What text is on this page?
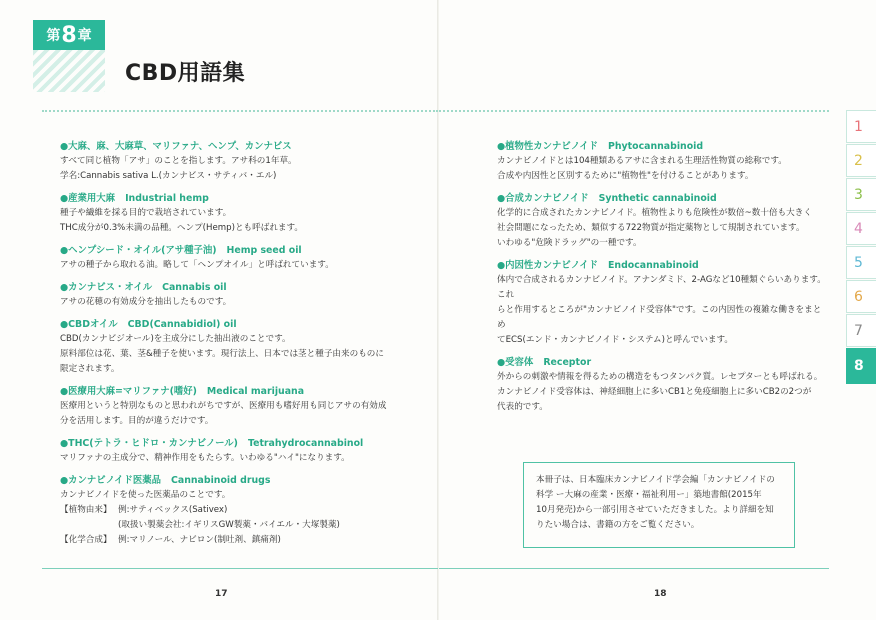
第 8 章
CBD用語集
●大麻、麻、大麻草、マリファナ、ヘンプ、カンナビス
すべて同じ植物「アサ」のことを指します。アサ科の1年草。
学名:Cannabis sativa L.(カンナビス・サティバ・エル)
●産業用大麻 Industrial hemp
種子や繊維を採る目的で栽培されています。
THC成分が0.3%未満の品種。ヘンプ(Hemp)とも呼ばれます。
●ヘンプシード・オイル(アサ種子油) Hemp seed oil
アサの種子から取れる油。略して「ヘンプオイル」と呼ばれています。
●カンナビス・オイル Cannabis oil
アサの花穂の有効成分を抽出したものです。
●CBDオイル CBD(Cannabidiol) oil
CBD(カンナビジオール)を主成分にした抽出液のことです。
原料部位は花、葉、茎&種子を使います。現行法上、日本では茎と種子由来のものに
限定されます。
●医療用大麻=マリファナ(嗜好) Medical marijuana
医療用というと特別なものと思われがちですが、医療用も嗜好用も同じアサの有効成
分を活用します。目的が違うだけです。
●THC(テトラ・ヒドロ・カンナビノール) Tetrahydrocannabinol
マリファナの主成分で、精神作用をもたらす。いわゆる"ハイ"になります。
●カンナビノイド医薬品 Cannabinoid drugs
カンナビノイドを使った医薬品のことです。
【植物由来】 例:サティベックス(Sativex)
(取扱い製薬会社:イギリスGW製薬・バイエル・大塚製薬)
【化学合成】 例:マリノール、ナビロン(制吐剤、鎮痛剤)
●植物性カンナビノイド Phytocannabinoid
カンナビノイドとは104種類あるアサに含まれる生理活性物質の総称です。
合成や内因性と区別するために"植物性"を付けることがあります。
●合成カンナビノイド Synthetic cannabinoid
化学的に合成されたカンナビノイド。植物性よりも危険性が数倍~数十倍も大きく
社会問題になったため、類似する722物質が指定薬物として規制されています。
いわゆる"危険ドラッグ"の一種です。
●内因性カンナビノイド Endocannabinoid
体内で合成されるカンナビノイド。アナンダミド、2-AGなど10種類ぐらいあります。これ
らと作用するところが"カンナビノイド受容体"です。この内因性の複雑な働きをまとめ
てECS(エンド・カンナビノイド・システム)と呼んでいます。
●受容体 Receptor
外からの刺激や情報を得るための構造をもつタンパク質。レセプターとも呼ばれる。
カンナビノイド受容体は、神経細胞上に多いCB1と免疫細胞上に多いCB2の2つが
代表的です。
本冊子は、日本臨床カンナビノイド学会編「カンナビノイドの
科学 ー大麻の産業・医療・福祉利用ー」築地書館(2015年
10月発売)から一部引用させていただきました。より詳細を知
りたい場合は、書籍の方をご覧ください。
17	18
1
2
3
4
5
6
7
8
